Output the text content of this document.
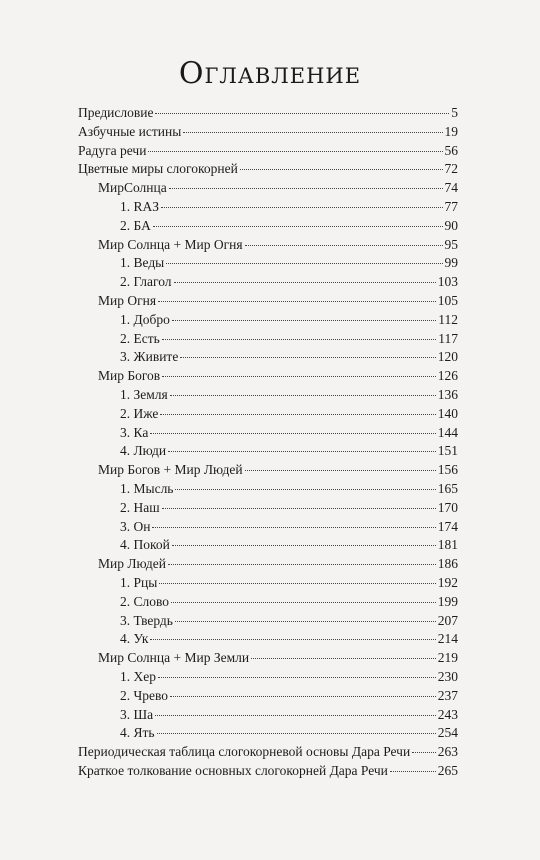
Оглавление
Предисловие	5
Азбучные истины	19
Радуга речи	56
Цветные миры слогокорней	72
МирСолнца	74
1. RAЗ	77
2. БА	90
Мир Солнца + Мир Огня	95
1. Веды	99
2. Глагол	103
Мир Огня	105
1. Добро	112
2. Есть	117
3. Живите	120
Мир Богов	126
1. Земля	136
2. Иже	140
3. Ка	144
4. Люди	151
Мир Богов + Мир Людей	156
1. Мысль	165
2. Наш	170
3. Он	174
4. Покой	181
Мир Людей	186
1. Рцы	192
2. Слово	199
3. Твердь	207
4. Ук	214
Мир Солнца + Мир Земли	219
1. Хер	230
2. Чрево	237
3. Ша	243
4. Ять	254
Периодическая таблица слогокорневой основы Дара Речи 263
Краткое толкование основных слогокорней Дара Речи	265
